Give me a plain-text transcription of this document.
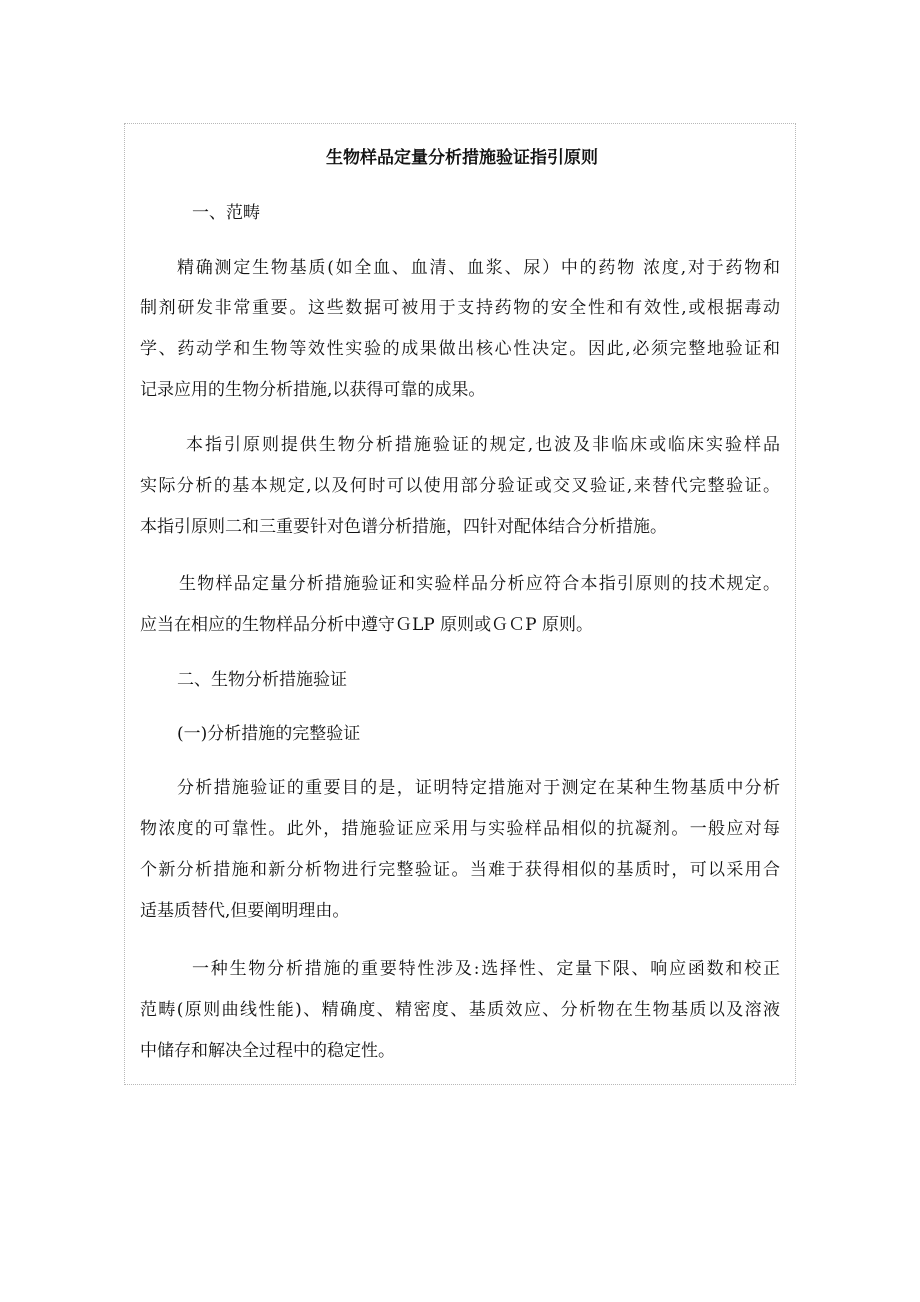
生物样品定量分析措施验证指引原则
一、范畴
精确测定生物基质(如全血、血清、血浆、尿）中的药物 浓度,对于药物和
制剂研发非常重要。这些数据可被用于支持药物的安全性和有效性,或根据毒动
学、药动学和生物等效性实验的成果做出核心性决定。因此,必须完整地验证和
记录应用的生物分析措施,以获得可靠的成果。
本指引原则提供生物分析措施验证的规定,也波及非临床或临床实验样品
实际分析的基本规定,以及何时可以使用部分验证或交叉验证,来替代完整验证。
本指引原则二和三重要针对色谱分析措施，四针对配体结合分析措施。
生物样品定量分析措施验证和实验样品分析应符合本指引原则的技术规定。
应当在相应的生物样品分析中遵守ＧLP 原则或ＧＣP 原则。
二、生物分析措施验证
(一)分析措施的完整验证
分析措施验证的重要目的是，证明特定措施对于测定在某种生物基质中分析
物浓度的可靠性。此外，措施验证应采用与实验样品相似的抗凝剂。一般应对每
个新分析措施和新分析物进行完整验证。当难于获得相似的基质时，可以采用合
适基质替代,但要阐明理由。
一种生物分析措施的重要特性涉及:选择性、定量下限、响应函数和校正
范畴(原则曲线性能)、精确度、精密度、基质效应、分析物在生物基质以及溶液
中储存和解决全过程中的稳定性。
